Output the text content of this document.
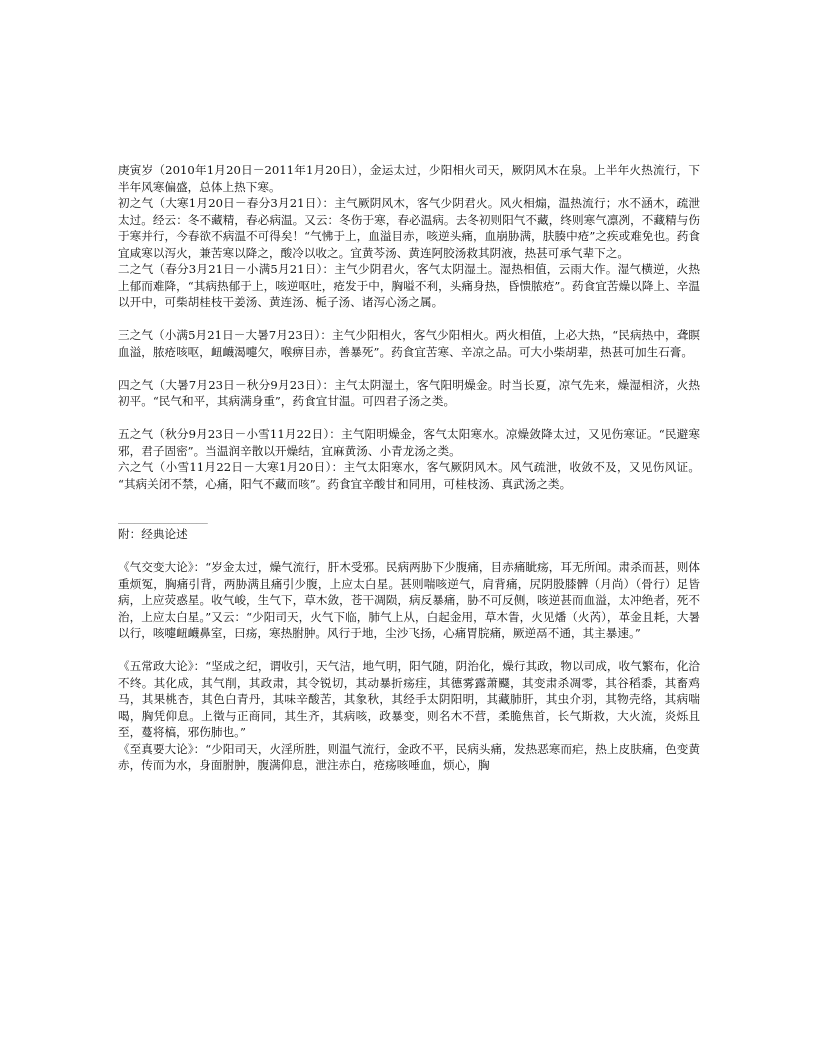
庚寅岁（2010年1月20日－2011年1月20日），金运太过，少阳相火司天，厥阴风木在泉。上半年火热流行，下半年风寒偏盛，总体上热下寒。

初之气（大寒1月20日－春分3月21日）：主气厥阴风木，客气少阴君火。风火相煽，温热流行；水不涵木，疏泄太过。经云：冬不藏精，春必病温。又云：冬伤于寒，春必温病。去冬初则阳气不藏，终则寒气凛冽，不藏精与伤于寒并行，今春欲不病温不可得矣！“气怫于上，血溢目赤，咳逆头痛，血崩胁满，肤腠中疮”之疾或难免也。药食宜咸寒以泻火，兼苦寒以降之，酸冷以收之。宜黄芩汤、黄连阿胶汤救其阴液，热甚可承气辈下之。

二之气（春分3月21日－小满5月21日）：主气少阴君火，客气太阴湿土。湿热相值，云雨大作。湿气横逆，火热上郁而难降，“其病热郁于上，咳逆呕吐，疮发于中，胸嗌不利，头痛身热，昏愦脓疮”。药食宜苦燥以降上、辛温以开中，可柴胡桂枝干姜汤、黄连汤、栀子汤、诸泻心汤之属。

三之气（小满5月21日－大暑7月23日）：主气少阳相火，客气少阳相火。两火相值，上必大热，“民病热中，聋瞑血溢，脓疮咳呕，衄衊渴嚏欠，喉痹目赤，善暴死”。药食宜苦寒、辛凉之品。可大小柴胡辈，热甚可加生石膏。

四之气（大暑7月23日－秋分9月23日）：主气太阴湿土，客气阳明燥金。时当长夏，凉气先来，燥湿相济，火热初平。“民气和平，其病满身重”，药食宜甘温。可四君子汤之类。

五之气（秋分9月23日－小雪11月22日）：主气阳明燥金，客气太阳寒水。凉燥敛降太过，又见伤寒证。“民避寒邪，君子固密”。当温润辛散以开燥结，宜麻黄汤、小青龙汤之类。

六之气（小雪11月22日－大寒1月20日）：主气太阳寒水，客气厥阴风木。风气疏泄，收敛不及，又见伤风证。“其病关闭不禁，心痛，阳气不藏而咳”。药食宜辛酸甘和同用，可桂枝汤、真武汤之类。

________________

附：经典论述

《气交变大论》：“岁金太过，燥气流行，肝木受邪。民病两胁下少腹痛，目赤痛眦疡，耳无所闻。肃杀而甚，则体重烦冤，胸痛引背，两胁满且痛引少腹，上应太白星。甚则喘咳逆气，肩背痛，尻阴股膝髀（月尚）（骨行）足皆病，上应荧惑星。收气峻，生气下，草木敛，苍干凋陨，病反暴痛，胁不可反侧，咳逆甚而血溢，太冲绝者，死不治，上应太白星。”又云：“少阳司天，火气下临，肺气上从，白起金用，草木眚，火见燔（火芮），革金且耗，大暑以行，咳嚏衄衊鼻室，曰疡，寒热胕肿。风行于地，尘沙飞扬，心痛胃脘痛，厥逆鬲不通，其主暴速。”

《五常政大论》：“坚成之纪，谓收引，天气洁，地气明，阳气随，阴治化，燥行其政，物以司成，收气繁布，化洽不终。其化成，其气削，其政肃，其令锐切，其动暴折疡疰，其德雾露萧飋，其变肃杀凋零，其谷稻黍，其畜鸡马，其果桃杏，其色白青丹，其味辛酸苦，其象秋，其经手太阴阳明，其藏肺肝，其虫介羽，其物壳络，其病喘喝，胸凭仰息。上徵与正商同，其生齐，其病咳，政暴变，则名木不营，柔脆焦首，长气斯救，大火流，炎烁且至，蔓将槁，邪伤肺也。”

《至真要大论》：“少阳司天，火淫所胜，则温气流行，金政不平，民病头痛，发热恶寒而疟，热上皮肤痛，色变黄赤，传而为水，身面胕肿，腹满仰息，泄注赤白，疮疡咳唾血，烦心，胸
